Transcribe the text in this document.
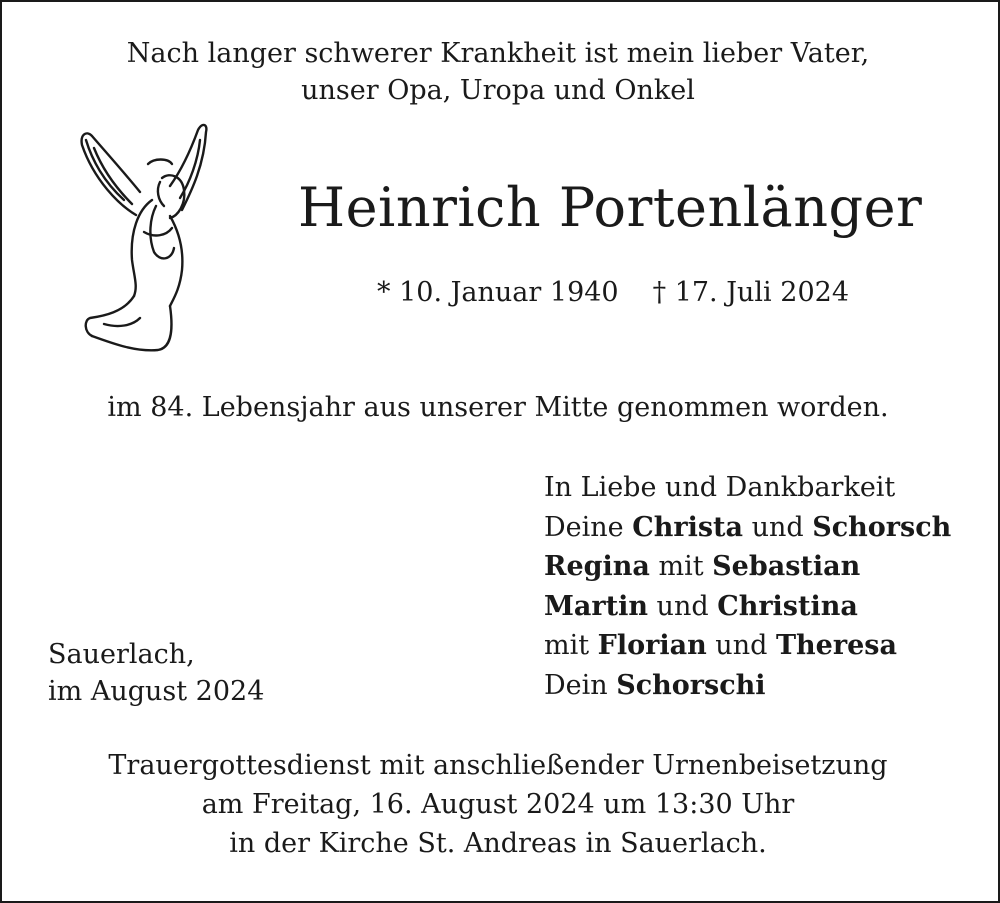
Nach langer schwerer Krankheit ist mein lieber Vater,
unser Opa, Uropa und Onkel
Heinrich Portenlänger
* 10. Januar 1940 † 17. Juli 2024
im 84. Lebensjahr aus unserer Mitte genommen worden.
In Liebe und Dankbarkeit
Deine Christa und Schorsch
Regina mit Sebastian
Martin und Christina
mit Florian und Theresa
Dein Schorschi
Sauerlach,
im August 2024
Trauergottesdienst mit anschließender Urnenbeisetzung
am Freitag, 16. August 2024 um 13:30 Uhr
in der Kirche St. Andreas in Sauerlach.
